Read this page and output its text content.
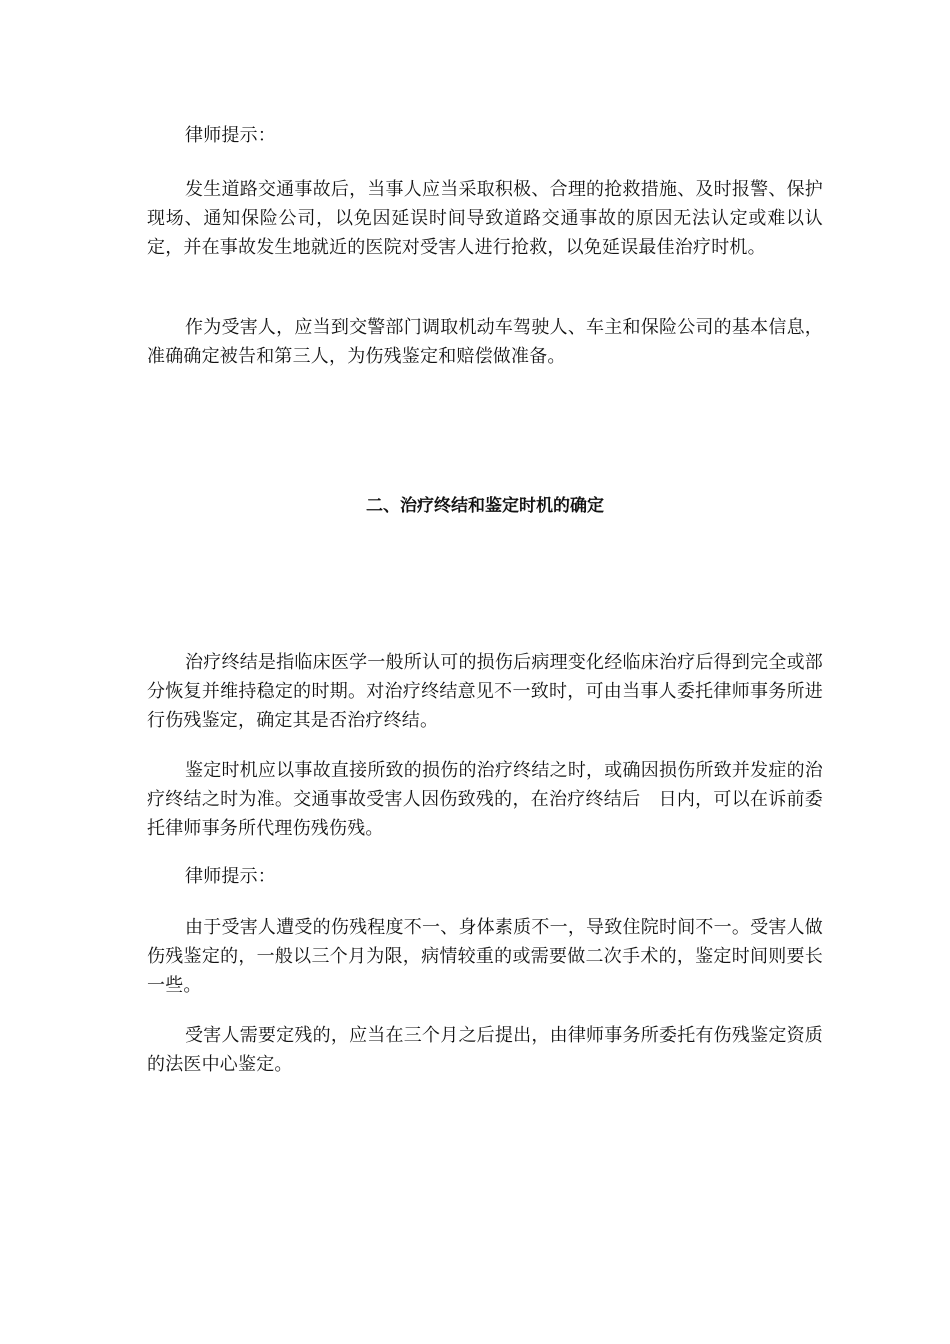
律师提示：

发生道路交通事故后，当事人应当采取积极、合理的抢救措施、及时报警、保护现场、通知保险公司，以免因延误时间导致道路交通事故的原因无法认定或难以认定，并在事故发生地就近的医院对受害人进行抢救，以免延误最佳治疗时机。

作为受害人，应当到交警部门调取机动车驾驶人、车主和保险公司的基本信息，准确确定被告和第三人，为伤残鉴定和赔偿做准备。

二、治疗终结和鉴定时机的确定

治疗终结是指临床医学一般所认可的损伤后病理变化经临床治疗后得到完全或部分恢复并维持稳定的时期。对治疗终结意见不一致时，可由当事人委托律师事务所进行伤残鉴定，确定其是否治疗终结。

鉴定时机应以事故直接所致的损伤的治疗终结之时，或确因损伤所致并发症的治疗终结之时为准。交通事故受害人因伤致残的，在治疗终结后　日内，可以在诉前委托律师事务所代理伤残伤残。

律师提示：

由于受害人遭受的伤残程度不一、身体素质不一，导致住院时间不一。受害人做伤残鉴定的，一般以三个月为限，病情较重的或需要做二次手术的，鉴定时间则要长一些。

受害人需要定残的，应当在三个月之后提出，由律师事务所委托有伤残鉴定资质的法医中心鉴定。
